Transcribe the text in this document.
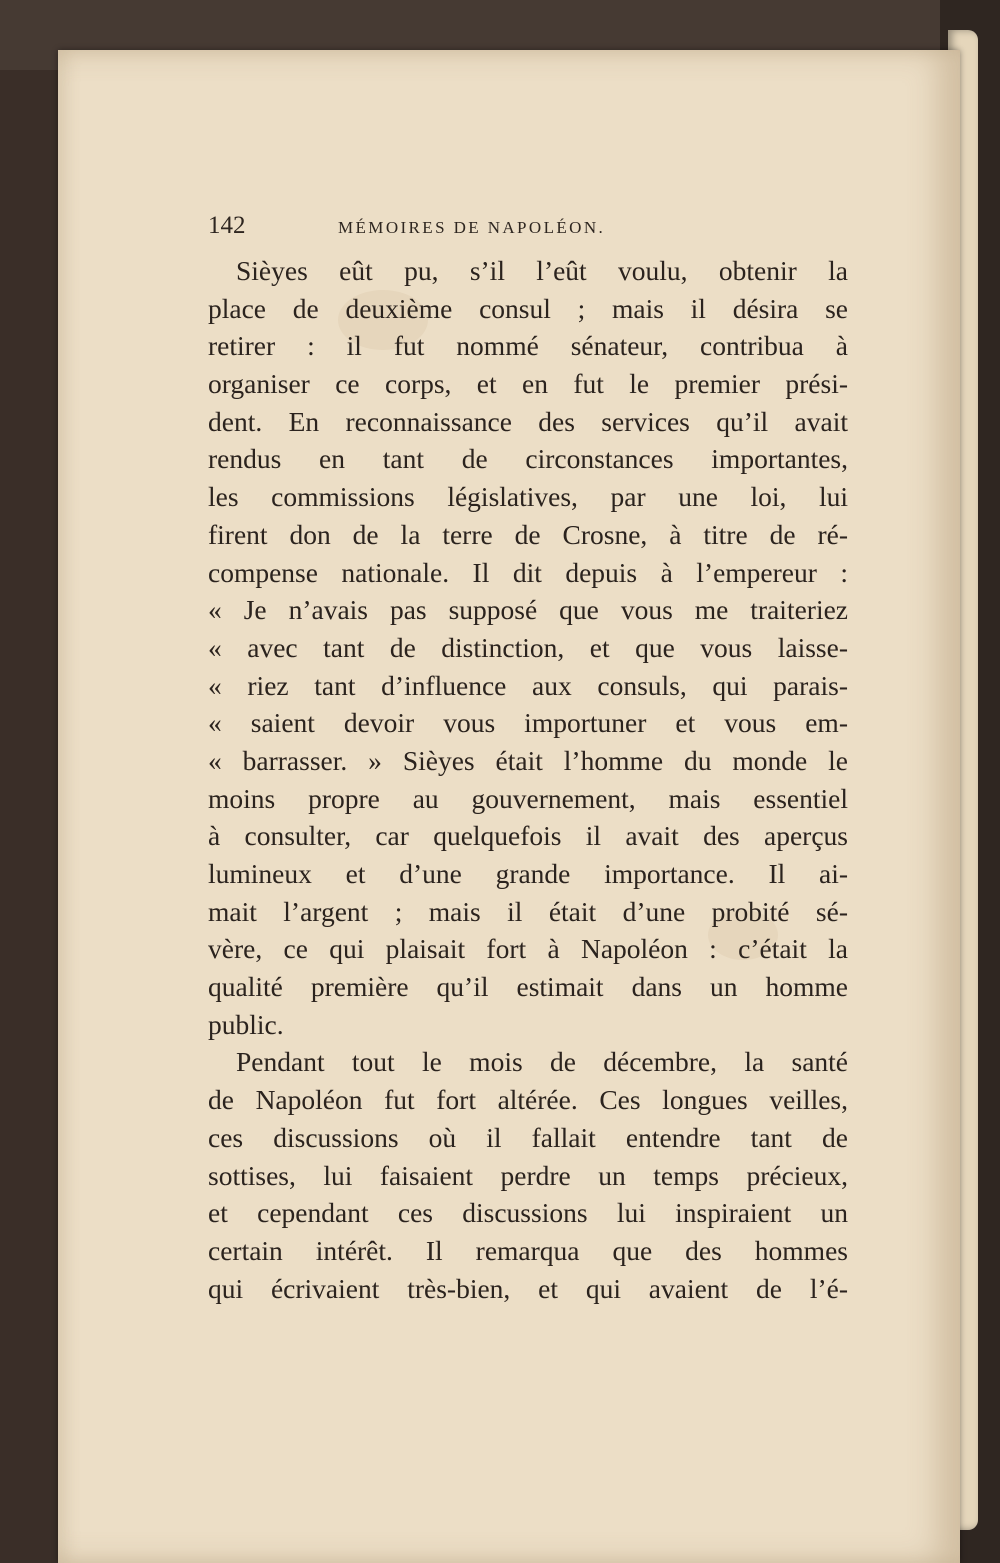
142	MÉMOIRES DE NAPOLÉON.
Sièyes eût pu, s’il l’eût voulu, obtenir la
place de deuxième consul ; mais il désira se
retirer : il fut nommé sénateur, contribua à
organiser ce corps, et en fut le premier prési-
dent. En reconnaissance des services qu’il avait
rendus en tant de circonstances importantes,
les commissions législatives, par une loi, lui
firent don de la terre de Crosne, à titre de ré-
compense nationale. Il dit depuis à l’empereur :
« Je n’avais pas supposé que vous me traiteriez
« avec tant de distinction, et que vous laisse-
« riez tant d’influence aux consuls, qui parais-
« saient devoir vous importuner et vous em-
« barrasser. » Sièyes était l’homme du monde le
moins propre au gouvernement, mais essentiel
à consulter, car quelquefois il avait des aperçus
lumineux et d’une grande importance. Il ai-
mait l’argent ; mais il était d’une probité sé-
vère, ce qui plaisait fort à Napoléon : c’était la
qualité première qu’il estimait dans un homme
public.
Pendant tout le mois de décembre, la santé
de Napoléon fut fort altérée. Ces longues veilles,
ces discussions où il fallait entendre tant de
sottises, lui faisaient perdre un temps précieux,
et cependant ces discussions lui inspiraient un
certain intérêt. Il remarqua que des hommes
qui écrivaient très-bien, et qui avaient de l’é-
